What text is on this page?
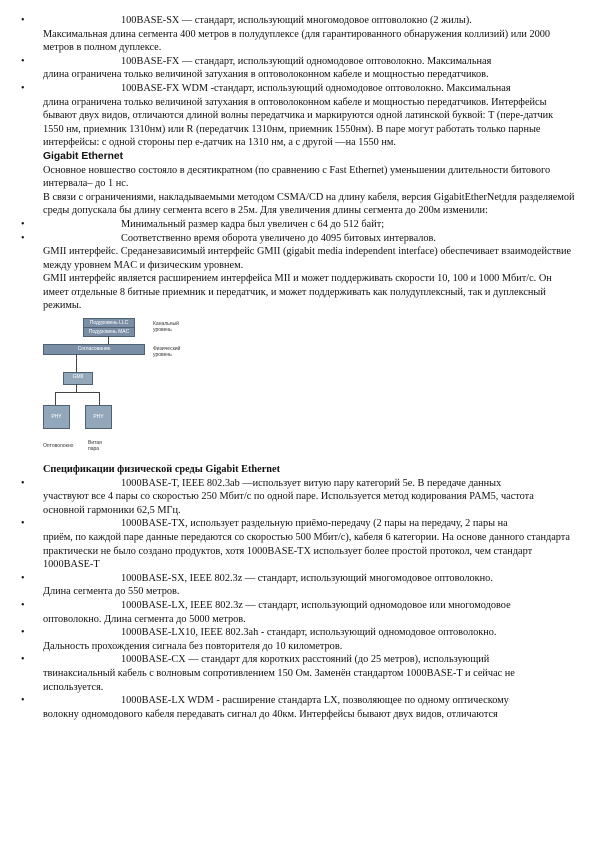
•	100BASE-SX — стандарт, использующий многомодовое оптоволокно (2 жилы).
Максимальная длина сегмента 400 метров в полудуплексе (для гарантированного обнаружения коллизий) или 2000 метров в полном дуплексе.
•	100BASE-FX — стандарт, использующий одномодовое оптоволокно. Максимальная
длина ограничена только величиной затухания в оптоволоконном кабеле и мощностью передатчиков.
•	100BASE-FX WDM -стандарт, использующий одномодовое оптоволокно. Максимальная
длина ограничена только величиной затухания в оптоволоконном кабеле и мощностью передатчиков. Интерфейсы бывают двух видов, отличаются длиной волны передатчика и маркируются одной латинской буквой: T (пере-датчик 1550 нм, приемник 1310нм) или R (передатчик 1310нм, приемник 1550нм). В паре могут работать только парные интерфейсы: с одной стороны пер е-датчик на 1310 нм, а с другой —на 1550 нм.
Gigabit Ethernet
Основное новшество состояло в десятикратном (по сравнению с Fast Ethernet) уменьшении длительности битового интервала– до 1 нс.
В связи с ограничениями, накладываемыми методом CSMA/CD на длину кабеля, версия GigabitEtherNetдля разделяемой среды допускала бы длину сегмента всего в 25м. Для увеличения длины сегмента до 200м изменили:
•	Минимальный размер кадра был увеличен с 64 до 512 байт;
•	Соответственно время оборота увеличено до 4095 битовых интервалов.
GMII интерфейс. Среданезависимый интерфейс GMII (gigabit media independent interface) обеспечивает взаимодействие между уровнем MAC и физическим уровнем.
GMII интерфейс является расширением интерфейса MII и может поддерживать скорости 10, 100 и 1000 Мбит/с. Он имеет отдельные 8 битные приемник и передатчик, и может поддерживать как полудуплексный, так и дуплексный режимы.
Подуровень LLC
Подуровень MAC
Канальный уровень
Согласование	Физический уровень
GMII
PHY	PHY
Оптоволокно	Витая пара
Спецификации физической среды Gigabit Ethernet
•	1000BASE-T, IEEE 802.3ab —использует витую пару категорий 5e. В передаче данных
участвуют все 4 пары со скоростью 250 Мбит/с по одной паре. Используется метод кодирования PAM5, частота основной гармоники 62,5 МГц.
•	1000BASE-TX, использует раздельную приёмо-передачу (2 пары на передачу, 2 пары на
приём, по каждой паре данные передаются со скоростью 500 Мбит/с), кабеля 6 категории. На основе данного стандарта практически не было создано продуктов, хотя 1000BASE-TX использует более простой протокол, чем стандарт 1000BASE-T
•	1000BASE-SX, IEEE 802.3z — стандарт, использующий многомодовое оптоволокно.
Длина сегмента до 550 метров.
•	1000BASE-LX, IEEE 802.3z — стандарт, использующий одномодовое или многомодовое
оптоволокно. Длина сегмента до 5000 метров.
•	1000BASE-LX10, IEEE 802.3ah - стандарт, использующий одномодовое оптоволокно.
Дальность прохождения сигнала без повторителя до 10 километров.
•	1000BASE-CX — стандарт для коротких расстояний (до 25 метров), использующий
твинаксиальный кабель с волновым сопротивлением 150 Ом. Заменён стандартом 1000BASE-T и сейчас не используется.
•	1000BASE-LX WDM - расширение стандарта LX, позволяющее по одному оптическому
волокну одномодового кабеля передавать сигнал до 40км. Интерфейсы бывают двух видов, отличаются
